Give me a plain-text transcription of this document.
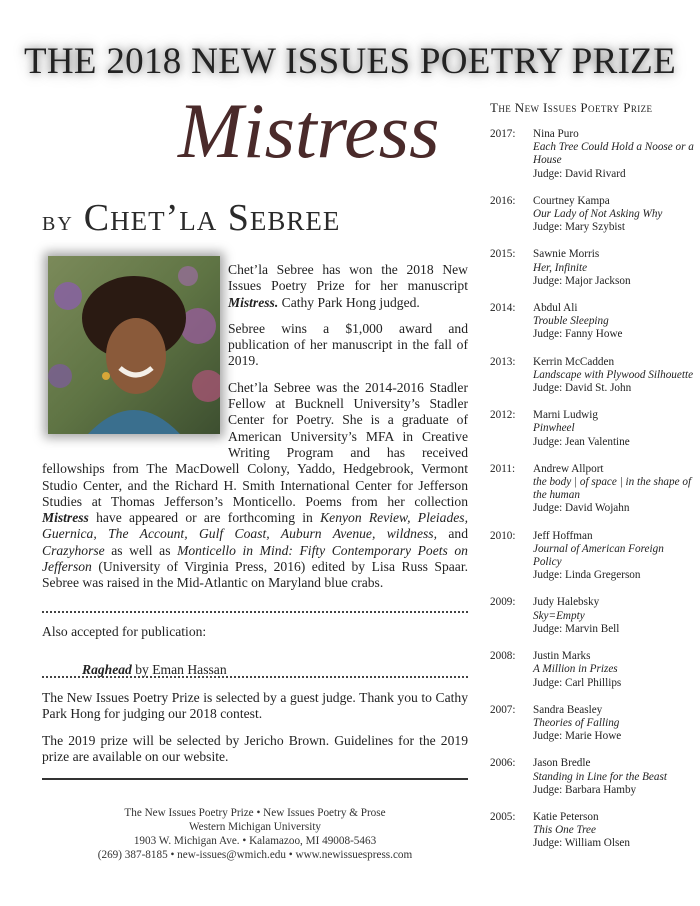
THE 2018 NEW ISSUES POETRY PRIZE
Mistress
BY Chet’la Sebree

Chet’la Sebree has won the 2018 New Issues Poetry Prize for her manuscript Mistress. Cathy Park Hong judged.

Sebree wins a $1,000 award and publication of her manuscript in the fall of 2019.

Chet’la Sebree was the 2014-2016 Stadler Fellow at Bucknell University’s Stadler Center for Poetry. She is a graduate of American University’s MFA in Creative Writing Program and has received fellowships from The MacDowell Colony, Yaddo, Hedgebrook, Vermont Studio Center, and the Richard H. Smith International Center for Jefferson Studies at Thomas Jefferson’s Monticello. Poems from her collection Mistress have appeared or are forthcoming in Kenyon Review, Pleiades, Guernica, The Account, Gulf Coast, Auburn Avenue, wildness, and Crazyhorse as well as Monticello in Mind: Fifty Contemporary Poets on Jefferson (University of Virginia Press, 2016) edited by Lisa Russ Spaar. Sebree was raised in the Mid-Atlantic on Maryland blue crabs.

Also accepted for publication:
Raghead by Eman Hassan

The New Issues Poetry Prize is selected by a guest judge. Thank you to Cathy Park Hong for judging our 2018 contest.

The 2019 prize will be selected by Jericho Brown. Guidelines for the 2019 prize are available on our website.

The New Issues Poetry Prize • New Issues Poetry & Prose
Western Michigan University
1903 W. Michigan Ave. • Kalamazoo, MI 49008-5463
(269) 387-8185 • new-issues@wmich.edu • www.newissuespress.com
The New Issues Poetry Prize
2017:	Nina Puro
Each Tree Could Hold a Noose or a House
Judge: David Rivard
2016:	Courtney Kampa
Our Lady of Not Asking Why
Judge: Mary Szybist
2015:	Sawnie Morris
Her, Infinite
Judge: Major Jackson
2014:	Abdul Ali
Trouble Sleeping
Judge: Fanny Howe
2013:	Kerrin McCadden
Landscape with Plywood Silhouette
Judge: David St. John
2012:	Marni Ludwig
Pinwheel
Judge: Jean Valentine
2011:	Andrew Allport
the body | of space | in the shape of the human
Judge: David Wojahn
2010:	Jeff Hoffman
Journal of American Foreign Policy
Judge: Linda Gregerson
2009:	Judy Halebsky
Sky=Empty
Judge: Marvin Bell
2008:	Justin Marks
A Million in Prizes
Judge: Carl Phillips
2007:	Sandra Beasley
Theories of Falling
Judge: Marie Howe
2006:	Jason Bredle
Standing in Line for the Beast
Judge: Barbara Hamby
2005:	Katie Peterson
This One Tree
Judge: William Olsen
